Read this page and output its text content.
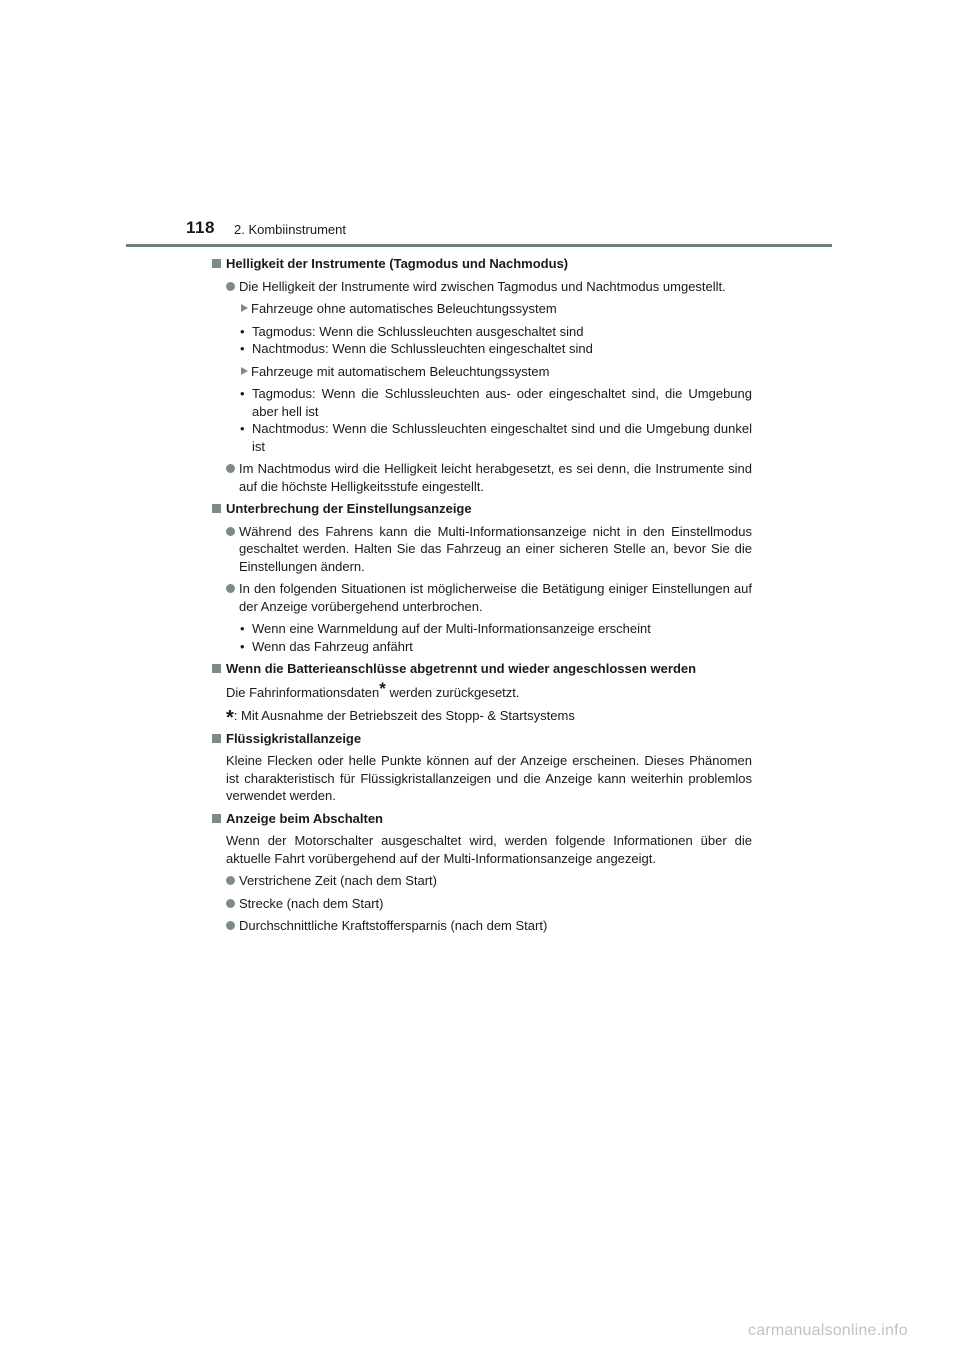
118 2. Kombiinstrument
Helligkeit der Instrumente (Tagmodus und Nachmodus)
Die Helligkeit der Instrumente wird zwischen Tagmodus und Nachtmodus umgestellt.
Fahrzeuge ohne automatisches Beleuchtungssystem
• Tagmodus: Wenn die Schlussleuchten ausgeschaltet sind
• Nachtmodus: Wenn die Schlussleuchten eingeschaltet sind
Fahrzeuge mit automatischem Beleuchtungssystem
• Tagmodus: Wenn die Schlussleuchten aus- oder eingeschaltet sind, die Umgebung aber hell ist
• Nachtmodus: Wenn die Schlussleuchten eingeschaltet sind und die Umgebung dunkel ist
Im Nachtmodus wird die Helligkeit leicht herabgesetzt, es sei denn, die Instrumente sind auf die höchste Helligkeitsstufe eingestellt.
Unterbrechung der Einstellungsanzeige
Während des Fahrens kann die Multi-Informationsanzeige nicht in den Einstellmodus geschaltet werden. Halten Sie das Fahrzeug an einer sicheren Stelle an, bevor Sie die Einstellungen ändern.
In den folgenden Situationen ist möglicherweise die Betätigung einiger Einstellungen auf der Anzeige vorübergehend unterbrochen.
• Wenn eine Warnmeldung auf der Multi-Informationsanzeige erscheint
• Wenn das Fahrzeug anfährt
Wenn die Batterieanschlüsse abgetrennt und wieder angeschlossen werden
Die Fahrinformationsdaten* werden zurückgesetzt.
*: Mit Ausnahme der Betriebszeit des Stopp- & Startsystems
Flüssigkristallanzeige
Kleine Flecken oder helle Punkte können auf der Anzeige erscheinen. Dieses Phänomen ist charakteristisch für Flüssigkristallanzeigen und die Anzeige kann weiterhin problemlos verwendet werden.
Anzeige beim Abschalten
Wenn der Motorschalter ausgeschaltet wird, werden folgende Informationen über die aktuelle Fahrt vorübergehend auf der Multi-Informationsanzeige angezeigt.
Verstrichene Zeit (nach dem Start)
Strecke (nach dem Start)
Durchschnittliche Kraftstoffersparnis (nach dem Start)
carmanualsonline.info
